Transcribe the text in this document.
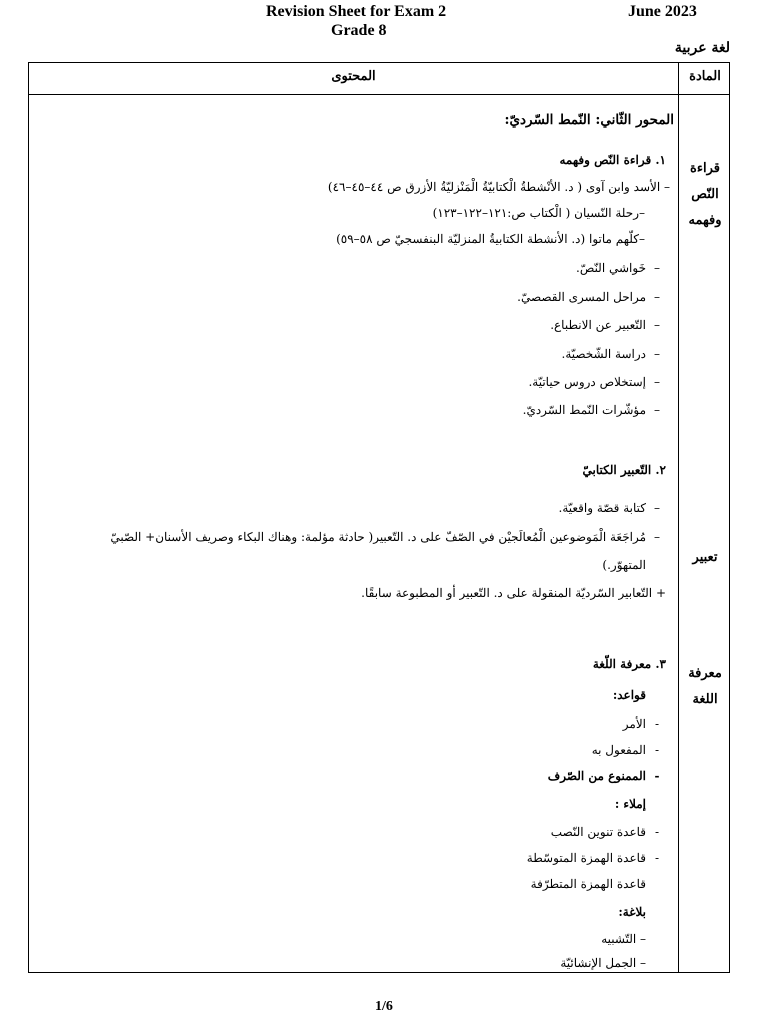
Revision Sheet for Exam 2	June 2023
Grade 8
لغة عربية
المادة
المحتوى
قراءة
النّص
وفهمه
تعبير
معرفة
اللغة
المحور الثّاني: النّمط السّرديّ:
١. قراءة النّص وفهمه
– الأسد وابن آوى ( د. الأنْشطةُ الْكتابيّةُ الْمَنْزليّةُ الأزرق ص ٤٤–٤٥–٤٦)
–رحلة النّسيان ( الْكتاب ص:١٢١–١٢٢–١٢٣)
–كلّهم ماتوا (د. الأنشطة الكتابيةُ المنزليّة البنفسجيّ ص ٥٨–٥٩)
– خَواشي النّصّ.
– مراحل المسرى القصصيّ.
– التّعبير عن الانطباع.
– دراسة الشّخصيّة.
– إستخلاص دروس حياتيّة.
– مؤشّرات النّمط السّرديّ.
٢. التّعبير الكتابيّ
– كتابة قصّة واقعيّة.
– مُراجَعَة الْمَوضوعين الْمُعالَجيْن في الصّفّ على د. التّعبير( حادثة مؤلمة: وهناك البكاء وصريف الأسنان+ الصّبيّ
المتهوّر.)
+ التّعابير السّرديّة المنقولة على د. التّعبير أو المطبوعة سابقًا.
٣. معرفة اللّغة
قواعد:
- الأمر
- المفعول به
- الممنوع من الصّرف
إملاء :
- قاعدة تنوين النّصب
- قاعدة الهمزة المتوسّطة
قاعدة الهمزة المتطرّفة
بلاغة:
– التّشبيه
– الجمل الإنشائيّة
1/6
